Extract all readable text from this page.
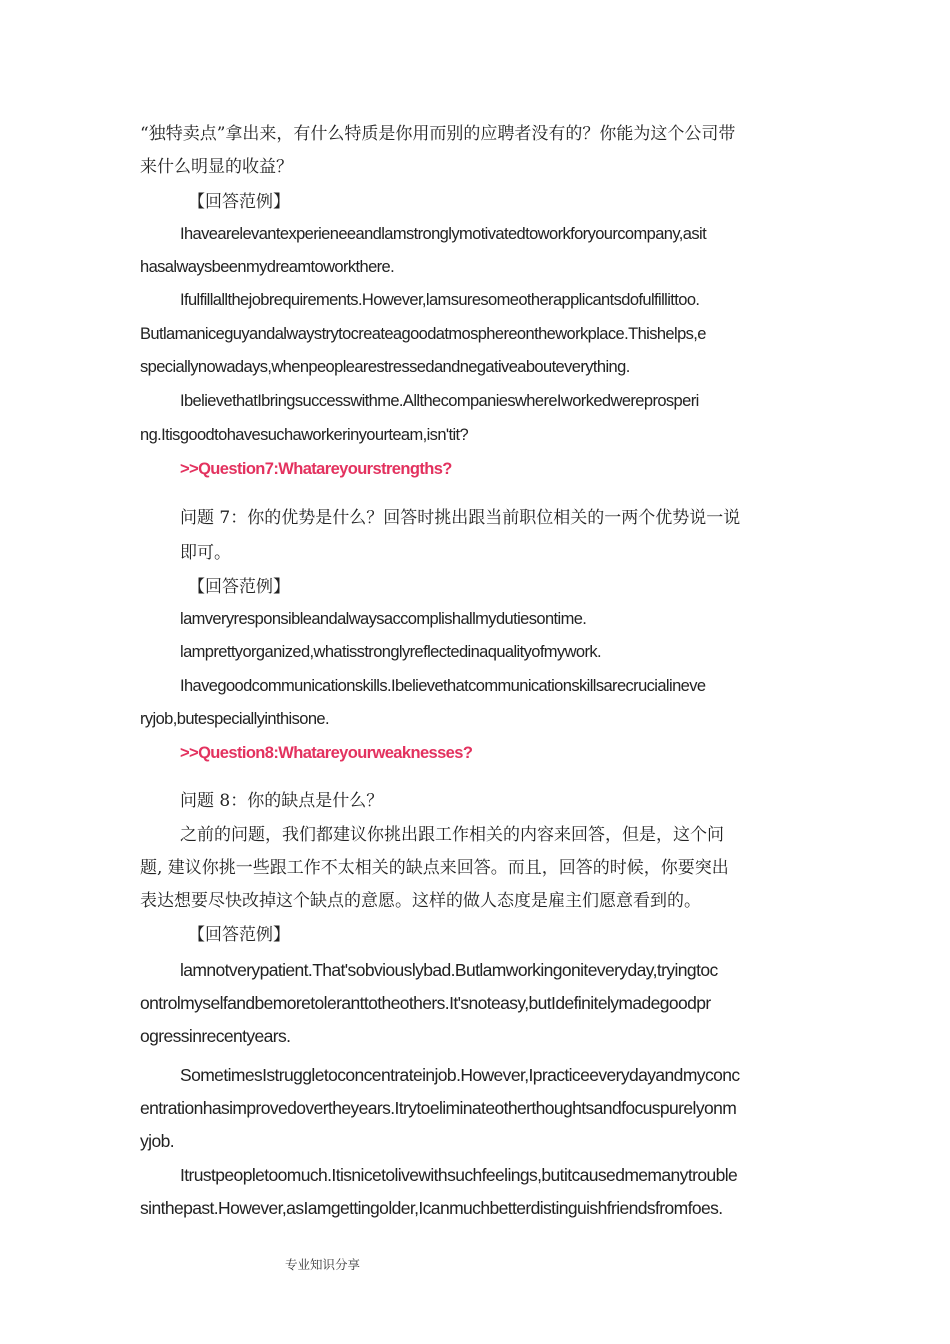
“独特卖点”拿出来，有什么特质是你用而别的应聘者没有的？你能为这个公司带
来什么明显的收益？
【回答范例】
Ihavearelevantexperieneeandlamstronglymotivatedtoworkforyourcompany,asit
hasalwaysbeenmydreamtoworkthere.
Ifulfillallthejobrequirements.However,lamsuresomeotherapplicantsdofulfillittoo.
Butlamaniceguyandalwaystrytocreateagoodatmosphereontheworkplace.Thishelps,e
speciallynowadays,whenpeoplearestressedandnegativeabouteverything.
IbelievethatIbringsuccesswithme.AllthecompanieswhereIworkedwereprosperi
ng.Itisgoodtohavesuchaworkerinyourteam,isn'tit?
>>Question7:Whatareyourstrengths?
问题 7：你的优势是什么？回答时挑出跟当前职位相关的一两个优势说一说
即可。
【回答范例】
lamveryresponsibleandalwaysaccomplishallmydutiesontime.
lamprettyorganized,whatisstronglyreflectedinaqualityofmywork.
Ihavegoodcommunicationskills.Ibelievethatcommunicationskillsarecrucialineve
ryjob,butespeciallyinthisone.
>>Question8:Whatareyourweaknesses?
问题 8：你的缺点是什么？
之前的问题，我们都建议你挑出跟工作相关的内容来回答，但是，这个问
题, 建议你挑一些跟工作不太相关的缺点来回答。而且，回答的时候，你要突出
表达想要尽快改掉这个缺点的意愿。这样的做人态度是雇主们愿意看到的。
【回答范例】
lamnotverypatient.That'sobviouslybad.Butlamworkingoniteveryday,tryingtoc
ontrolmyselfandbemoretoleranttotheothers.It'snoteasy,butIdefinitelymadegoodpr
ogressinrecentyears.
SometimesIstruggletoconcentrateinjob.However,Ipracticeeverydayandmyconc
entrationhasimprovedovertheyears.Itrytoeliminateotherthoughtsandfocuspurelyonm
yjob.
Itrustpeopletoomuch.Itisnicetolivewithsuchfeelings,butitcausedmemanytrouble
sinthepast.However,asIamgettingolder,Icanmuchbetterdistinguishfriendsfromfoes.
专业知识分享
